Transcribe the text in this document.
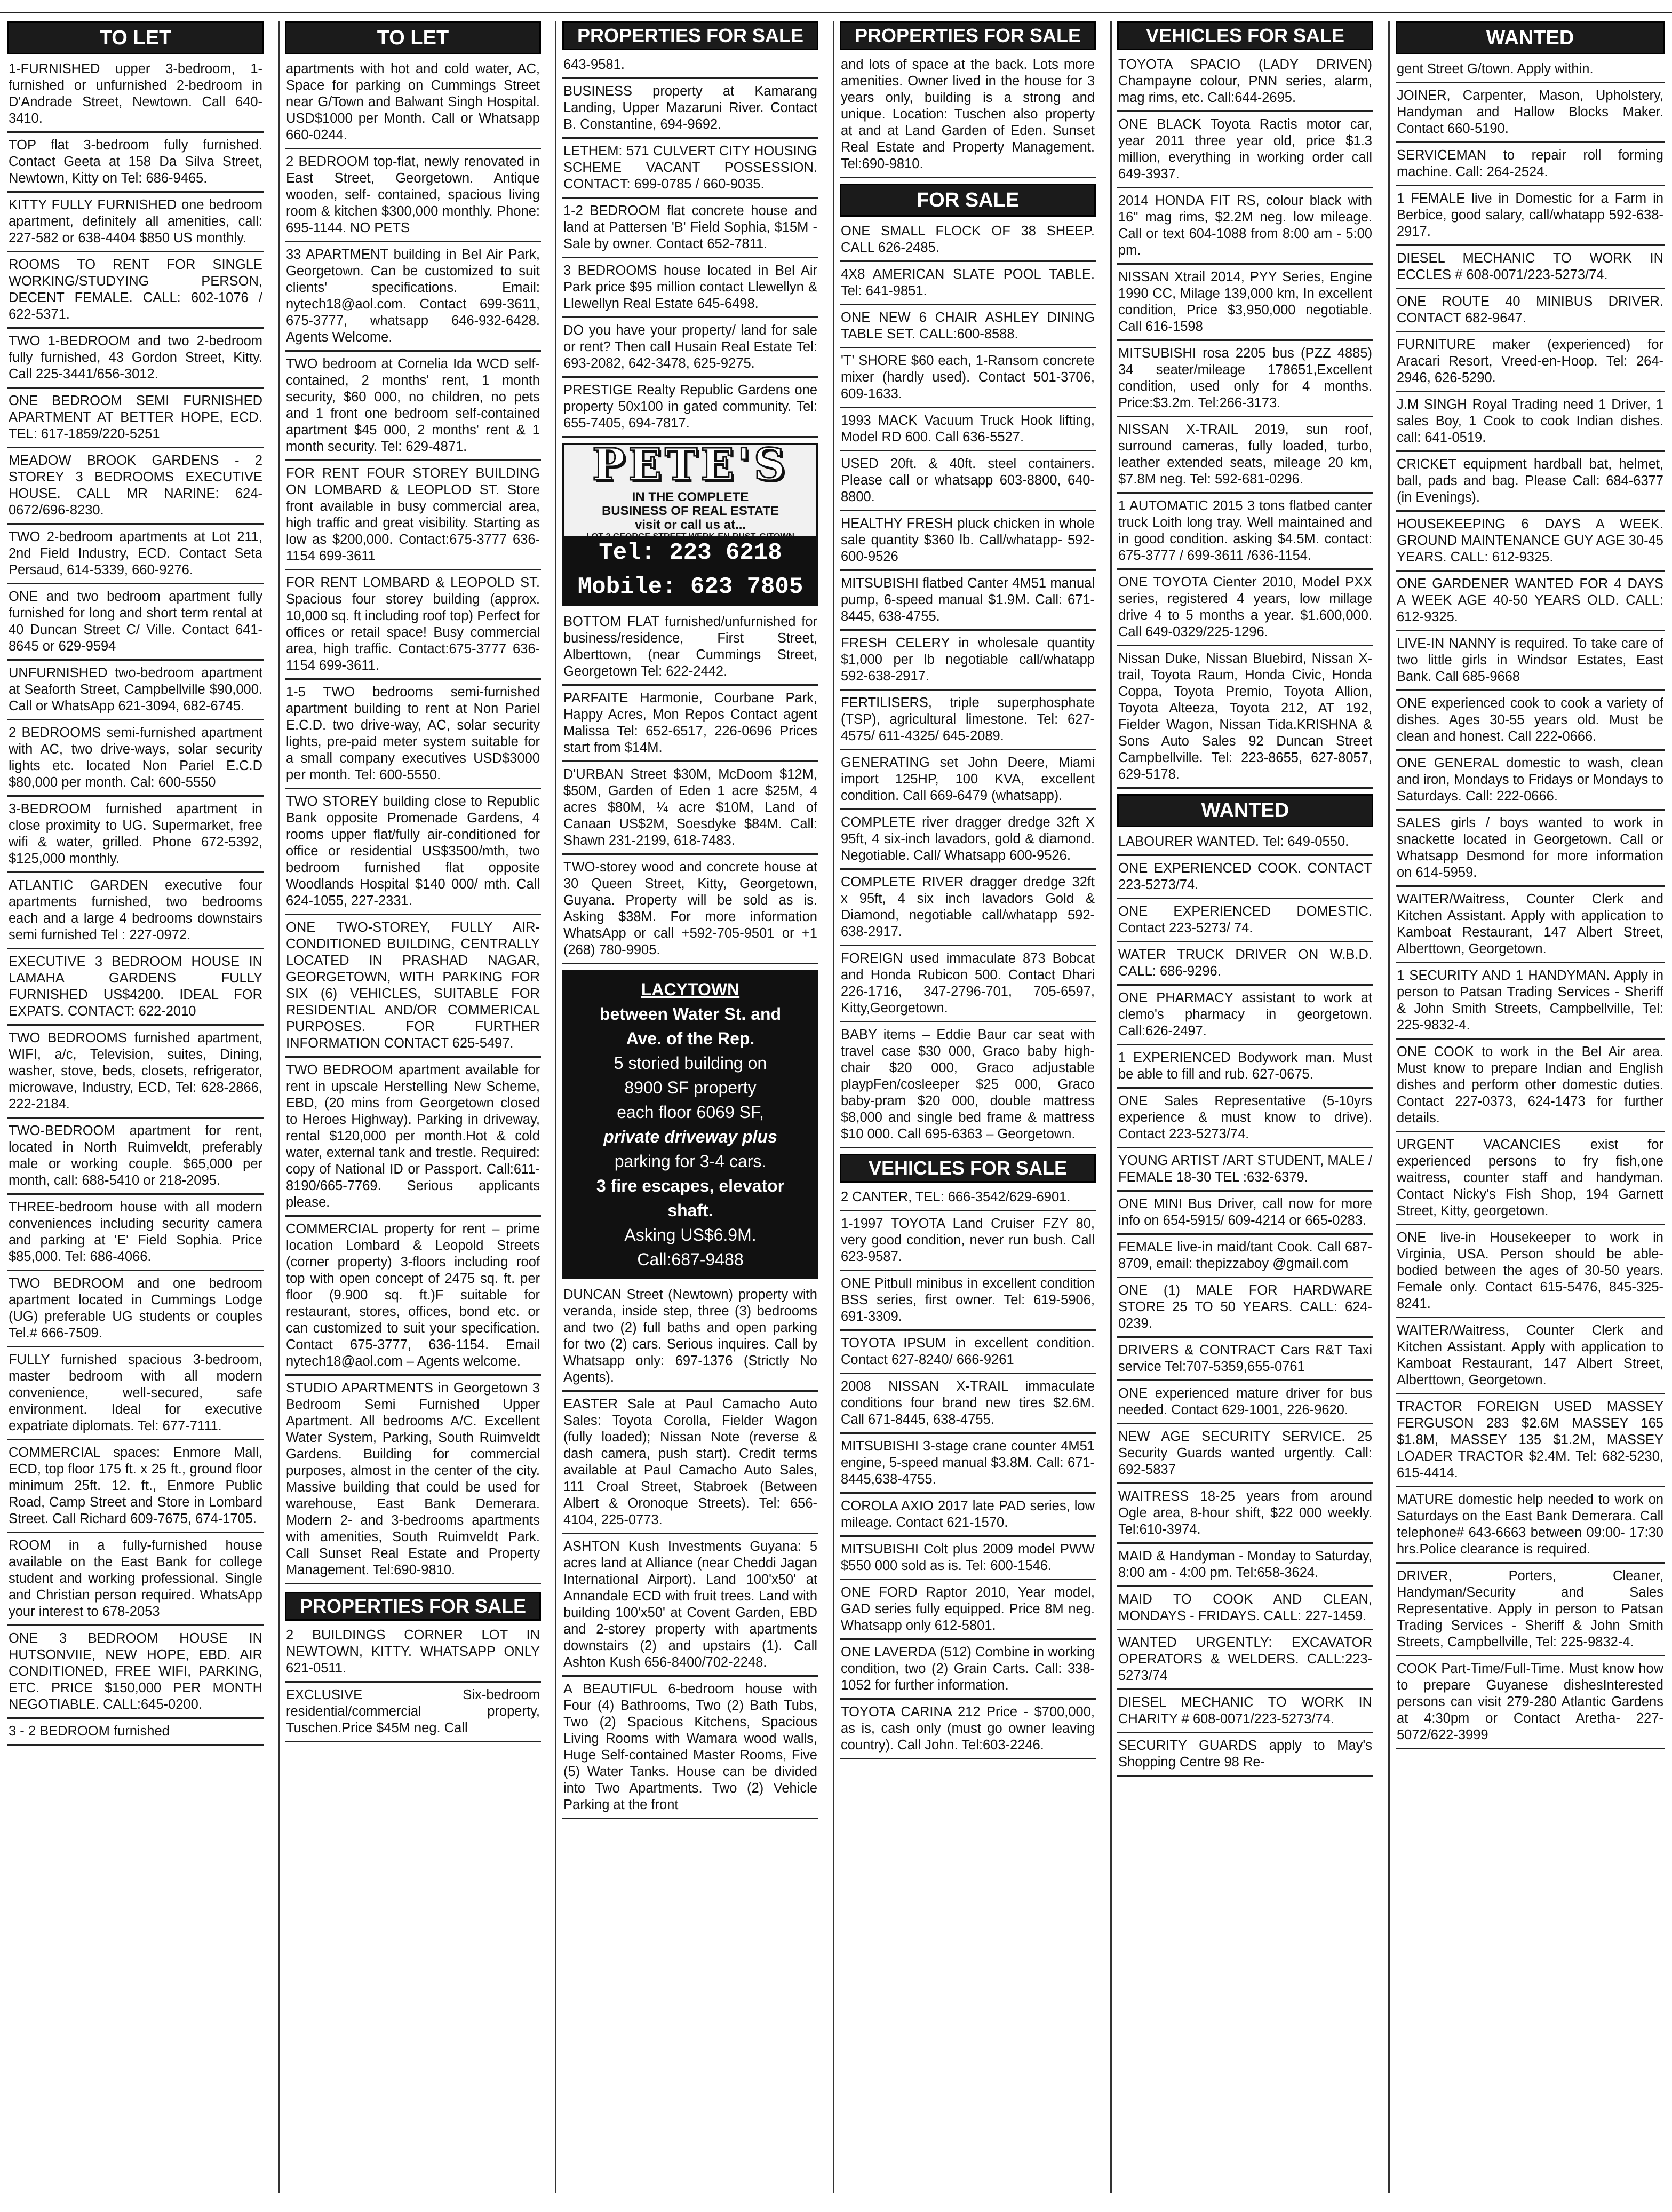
TO LET
1-FURNISHED upper 3-bedroom, 1-furnished or unfurnished 2-bedroom in D'Andrade Street, Newtown. Call 640-3410.
TOP flat 3-bedroom fully furnished. Contact Geeta at 158 Da Silva Street, Newtown, Kitty on Tel: 686-9465.
KITTY FULLY FURNISHED one bedroom apartment, definitely all amenities, call: 227-582 or 638-4404 $850 US monthly.
ROOMS TO RENT FOR SINGLE WORKING/STUDYING PERSON, DECENT FEMALE. CALL: 602-1076 / 622-5371.
TWO 1-BEDROOM and two 2-bedroom fully furnished, 43 Gordon Street, Kitty. Call 225-3441/656-3012.
ONE BEDROOM SEMI FURNISHED APARTMENT AT BETTER HOPE, ECD. TEL: 617-1859/220-5251
MEADOW BROOK GARDENS - 2 STOREY 3 BEDROOMS EXECUTIVE HOUSE. CALL MR NARINE: 624-0672/696-8230.
TWO 2-bedroom apartments at Lot 211, 2nd Field Industry, ECD. Contact Seta Persaud, 614-5339, 660-9276.
ONE and two bedroom apartment fully furnished for long and short term rental at 40 Duncan Street C/ Ville. Contact 641-8645 or 629-9594
UNFURNISHED two-bedroom apartment at Seaforth Street, Campbellville $90,000. Call or WhatsApp 621-3094, 682-6745.
2 BEDROOMS semi-furnished apartment with AC, two drive-ways, solar security lights etc. located Non Pariel E.C.D $80,000 per month. Cal: 600-5550
3-BEDROOM furnished apartment in close proximity to UG. Supermarket, free wifi & water, grilled. Phone 672-5392, $125,000 monthly.
ATLANTIC GARDEN executive four apartments furnished, two bedrooms each and a large 4 bedrooms downstairs semi furnished Tel : 227-0972.
EXECUTIVE 3 BEDROOM HOUSE IN LAMAHA GARDENS FULLY FURNISHED US$4200. IDEAL FOR EXPATS. CONTACT: 622-2010
TWO BEDROOMS furnished apartment, WIFI, a/c, Television, suites, Dining, washer, stove, beds, closets, refrigerator, microwave, Industry, ECD, Tel: 628-2866, 222-2184.
TWO-BEDROOM apartment for rent, located in North Ruimveldt, preferably male or working couple. $65,000 per month, call: 688-5410 or 218-2095.
THREE-bedroom house with all modern conveniences including security camera and parking at 'E' Field Sophia. Price $85,000. Tel: 686-4066.
TWO BEDROOM and one bedroom apartment located in Cummings Lodge (UG) preferable UG students or couples Tel.# 666-7509.
FULLY furnished spacious 3-bedroom, master bedroom with all modern convenience, well-secured, safe environment. Ideal for executive expatriate diplomats. Tel: 677-7111.
COMMERCIAL spaces: Enmore Mall, ECD, top floor 175 ft. x 25 ft., ground floor minimum 25ft. 12. ft., Enmore Public Road, Camp Street and Store in Lombard Street. Call Richard 609-7675, 674-1705.
ROOM in a fully-furnished house available on the East Bank for college student and working professional. Single and Christian person required. WhatsApp your interest to 678-2053
ONE 3 BEDROOM HOUSE IN HUTSONVIIE, NEW HOPE, EBD. AIR CONDITIONED, FREE WIFI, PARKING, ETC. PRICE $150,000 PER MONTH NEGOTIABLE. CALL:645-0200.
3 - 2 BEDROOM furnished
TO LET
apartments with hot and cold water, AC, Space for parking on Cummings Street near G/Town and Balwant Singh Hospital. USD$1000 per Month. Call or Whatsapp 660-0244.
2 BEDROOM top-flat, newly renovated in East Street, Georgetown. Antique wooden, self- contained, spacious living room & kitchen $300,000 monthly. Phone: 695-1144. NO PETS
33 APARTMENT building in Bel Air Park, Georgetown. Can be customized to suit clients' specifications. Email: nytech18@aol.com. Contact 699-3611, 675-3777, whatsapp 646-932-6428. Agents Welcome.
TWO bedroom at Cornelia Ida WCD self-contained, 2 months' rent, 1 month security, $60 000, no children, no pets and 1 front one bedroom self-contained apartment $45 000, 2 months' rent & 1 month security. Tel: 629-4871.
FOR RENT FOUR STOREY BUILDING ON LOMBARD & LEOPLOD ST. Store front available in busy commercial area, high traffic and great visibility. Starting as low as $200,000. Contact:675-3777 636-1154 699-3611
FOR RENT LOMBARD & LEOPOLD ST. Spacious four storey building (approx. 10,000 sq. ft including roof top) Perfect for offices or retail space! Busy commercial area, high traffic. Contact:675-3777 636-1154 699-3611.
1-5 TWO bedrooms semi-furnished apartment building to rent at Non Pariel E.C.D. two drive-way, AC, solar security lights, pre-paid meter system suitable for a small company executives USD$3000 per month. Tel: 600-5550.
TWO STOREY building close to Republic Bank opposite Promenade Gardens, 4 rooms upper flat/fully air-conditioned for office or residential US$3500/mth, two bedroom furnished flat opposite Woodlands Hospital $140 000/ mth. Call 624-1055, 227-2331.
ONE TWO-STOREY, FULLY AIR-CONDITIONED BUILDING, CENTRALLY LOCATED IN PRASHAD NAGAR, GEORGETOWN, WITH PARKING FOR SIX (6) VEHICLES, SUITABLE FOR RESIDENTIAL AND/OR COMMERICAL PURPOSES. FOR FURTHER INFORMATION CONTACT 625-5497.
TWO BEDROOM apartment available for rent in upscale Herstelling New Scheme, EBD, (20 mins from Georgetown closed to Heroes Highway). Parking in driveway, rental $120,000 per month.Hot & cold water, external tank and trestle. Required: copy of National ID or Passport. Call:611-8190/665-7769. Serious applicants please.
COMMERCIAL property for rent – prime location Lombard & Leopold Streets (corner property) 3-floors including roof top with open concept of 2475 sq. ft. per floor (9.900 sq. ft.)F suitable for restaurant, stores, offices, bond etc. or can customized to suit your specification. Contact 675-3777, 636-1154. Email nytech18@aol.com – Agents welcome.
STUDIO APARTMENTS in Georgetown 3 Bedroom Semi Furnished Upper Apartment. All bedrooms A/C. Excellent Water System, Parking, South Ruimveldt Gardens. Building for commercial purposes, almost in the center of the city. Massive building that could be used for warehouse, East Bank Demerara. Modern 2- and 3-bedrooms apartments with amenities, South Ruimveldt Park. Call Sunset Real Estate and Property Management. Tel:690-9810.
PROPERTIES FOR SALE
2 BUILDINGS CORNER LOT IN NEWTOWN, KITTY. WHATSAPP ONLY 621-0511.
EXCLUSIVE Six-bedroom residential/commercial property, Tuschen.Price $45M neg. Call
PROPERTIES FOR SALE
643-9581.
BUSINESS property at Kamarang Landing, Upper Mazaruni River. Contact B. Constantine, 694-9692.
LETHEM: 571 CULVERT CITY HOUSING SCHEME VACANT POSSESSION. CONTACT: 699-0785 / 660-9035.
1-2 BEDROOM flat concrete house and land at Pattersen 'B' Field Sophia, $15M - Sale by owner. Contact 652-7811.
3 BEDROOMS house located in Bel Air Park price $95 million contact Llewellyn & Llewellyn Real Estate 645-6498.
DO you have your property/ land for sale or rent? Then call Husain Real Estate Tel: 693-2082, 642-3478, 625-9275.
PRESTIGE Realty Republic Gardens one property 50x100 in gated community. Tel: 655-7405, 694-7817.
PETE'S
IN THE COMPLETE
BUSINESS OF REAL ESTATE
visit or call us at...
LOT 2 GEORGE STREET WERK-EN-RUST, G/TOWN
Tel: 223 6218
Mobile: 623 7805
BOTTOM FLAT furnished/unfurnished for business/residence, First Street, Alberttown, (near Cummings Street, Georgetown Tel: 622-2442.
PARFAITE Harmonie, Courbane Park, Happy Acres, Mon Repos Contact agent Malissa Tel: 652-6517, 226-0696 Prices start from $14M.
D'URBAN Street $30M, McDoom $12M, $50M, Garden of Eden 1 acre $25M, 4 acres $80M, ¼ acre $10M, Land of Canaan US$2M, Soesdyke $84M. Call: Shawn 231-2199, 618-7483.
TWO-storey wood and concrete house at 30 Queen Street, Kitty, Georgetown, Guyana. Property will be sold as is. Asking $38M. For more information WhatsApp or call +592-705-9501 or +1 (268) 780-9905.
LACYTOWN
between Water St. and
Ave. of the Rep.
5 storied building on
8900 SF property
each floor 6069 SF,
private driveway plus
parking for 3-4 cars.
3 fire escapes, elevator
shaft.
Asking US$6.9M.
Call:687-9488
DUNCAN Street (Newtown) property with veranda, inside step, three (3) bedrooms and two (2) full baths and open parking for two (2) cars. Serious inquires. Call by Whatsapp only: 697-1376 (Strictly No Agents).
EASTER Sale at Paul Camacho Auto Sales: Toyota Corolla, Fielder Wagon (fully loaded); Nissan Note (reverse & dash camera, push start). Credit terms available at Paul Camacho Auto Sales, 111 Croal Street, Stabroek (Between Albert & Oronoque Streets). Tel: 656-4104, 225-0773.
ASHTON Kush Investments Guyana: 5 acres land at Alliance (near Cheddi Jagan International Airport). Land 100'x50' at Annandale ECD with fruit trees. Land with building 100'x50' at Covent Garden, EBD and 2-storey property with apartments downstairs (2) and upstairs (1). Call Ashton Kush 656-8400/702-2248.
A BEAUTIFUL 6-bedroom house with Four (4) Bathrooms, Two (2) Bath Tubs, Two (2) Spacious Kitchens, Spacious Living Rooms with Wamara wood walls, Huge Self-contained Master Rooms, Five (5) Water Tanks. House can be divided into Two Apartments. Two (2) Vehicle Parking at the front
PROPERTIES FOR SALE
and lots of space at the back. Lots more amenities. Owner lived in the house for 3 years only, building is a strong and unique. Location: Tuschen also property at and at Land Garden of Eden. Sunset Real Estate and Property Management. Tel:690-9810.
FOR SALE
ONE SMALL FLOCK OF 38 SHEEP. CALL 626-2485.
4X8 AMERICAN SLATE POOL TABLE. Tel: 641-9851.
ONE NEW 6 CHAIR ASHLEY DINING TABLE SET. CALL:600-8588.
'T' SHORE $60 each, 1-Ransom concrete mixer (hardly used). Contact 501-3706, 609-1633.
1993 MACK Vacuum Truck Hook lifting, Model RD 600. Call 636-5527.
USED 20ft. & 40ft. steel containers. Please call or whatsapp 603-8800, 640-8800.
HEALTHY FRESH pluck chicken in whole sale quantity $360 lb. Call/whatapp- 592-600-9526
MITSUBISHI flatbed Canter 4M51 manual pump, 6-speed manual $1.9M. Call: 671-8445, 638-4755.
FRESH CELERY in wholesale quantity $1,000 per lb negotiable call/whatapp 592-638-2917.
FERTILISERS, triple superphosphate (TSP), agricultural limestone. Tel: 627-4575/ 611-4325/ 645-2089.
GENERATING set John Deere, Miami import 125HP, 100 KVA, excellent condition. Call 669-6479 (whatsapp).
COMPLETE river dragger dredge 32ft X 95ft, 4 six-inch lavadors, gold & diamond. Negotiable. Call/ Whatsapp 600-9526.
COMPLETE RIVER dragger dredge 32ft x 95ft, 4 six inch lavadors Gold & Diamond, negotiable call/whatapp 592-638-2917.
FOREIGN used immaculate 873 Bobcat and Honda Rubicon 500. Contact Dhari 226-1716, 347-2796-701, 705-6597, Kitty,Georgetown.
BABY items – Eddie Baur car seat with travel case $30 000, Graco baby high-chair $20 000, Graco adjustable playpFen/cosleeper $25 000, Graco baby-pram $20 000, double mattress $8,000 and single bed frame & mattress $10 000. Call 695-6363 – Georgetown.
VEHICLES FOR SALE
2 CANTER, TEL: 666-3542/629-6901.
1-1997 TOYOTA Land Cruiser FZY 80, very good condition, never run bush. Call 623-9587.
ONE Pitbull minibus in excellent condition BSS series, first owner. Tel: 619-5906, 691-3309.
TOYOTA IPSUM in excellent condition. Contact 627-8240/ 666-9261
2008 NISSAN X-TRAIL immaculate conditions four brand new tires $2.6M. Call 671-8445, 638-4755.
MITSUBISHI 3-stage crane counter 4M51 engine, 5-speed manual $3.8M. Call: 671-8445,638-4755.
COROLA AXIO 2017 late PAD series, low mileage. Contact 621-1570.
MITSUBISHI Colt plus 2009 model PWW $550 000 sold as is. Tel: 600-1546.
ONE FORD Raptor 2010, Year model, GAD series fully equipped. Price 8M neg. Whatsapp only 612-5801.
ONE LAVERDA (512) Combine in working condition, two (2) Grain Carts. Call: 338-1052 for further information.
TOYOTA CARINA 212 Price - $700,000, as is, cash only (must go owner leaving country). Call John. Tel:603-2246.
VEHICLES FOR SALE
TOYOTA SPACIO (LADY DRIVEN) Champayne colour, PNN series, alarm, mag rims, etc. Call:644-2695.
ONE BLACK Toyota Ractis motor car, year 2011 three year old, price $1.3 million, everything in working order call 649-3937.
2014 HONDA FIT RS, colour black with 16" mag rims, $2.2M neg. low mileage. Call or text 604-1088 from 8:00 am - 5:00 pm.
NISSAN Xtrail 2014, PYY Series, Engine 1990 CC, Milage 139,000 km, In excellent condition, Price $3,950,000 negotiable. Call 616-1598
MITSUBISHI rosa 2205 bus (PZZ 4885) 34 seater/mileage 178651,Excellent condition, used only for 4 months. Price:$3.2m. Tel:266-3173.
NISSAN X-TRAIL 2019, sun roof, surround cameras, fully loaded, turbo, leather extended seats, mileage 20 km, $7.8M neg. Tel: 592-681-0296.
1 AUTOMATIC 2015 3 tons flatbed canter truck Loith long tray. Well maintained and in good condition. asking $4.5M. contact: 675-3777 / 699-3611 /636-1154.
ONE TOYOTA Cienter 2010, Model PXX series, registered 4 years, low millage drive 4 to 5 months a year. $1.600,000. Call 649-0329/225-1296.
Nissan Duke, Nissan Bluebird, Nissan X-trail, Toyota Raum, Honda Civic, Honda Coppa, Toyota Premio, Toyota Allion, Toyota Alteeza, Toyota 212, AT 192, Fielder Wagon, Nissan Tida.KRISHNA & Sons Auto Sales 92 Duncan Street Campbellville. Tel: 223-8655, 627-8057, 629-5178.
WANTED
LABOURER WANTED. Tel: 649-0550.
ONE EXPERIENCED COOK. CONTACT 223-5273/74.
ONE EXPERIENCED DOMESTIC. Contact 223-5273/ 74.
WATER TRUCK DRIVER ON W.B.D. CALL: 686-9296.
ONE PHARMACY assistant to work at clemo's pharmacy in georgetown. Call:626-2497.
1 EXPERIENCED Bodywork man. Must be able to fill and rub. 627-0675.
ONE Sales Representative (5-10yrs experience & must know to drive). Contact 223-5273/74.
YOUNG ARTIST /ART STUDENT, MALE / FEMALE 18-30 TEL :632-6379.
ONE MINI Bus Driver, call now for more info on 654-5915/ 609-4214 or 665-0283.
FEMALE live-in maid/tant Cook. Call 687-8709, email: thepizzaboy @gmail.com
ONE (1) MALE FOR HARDWARE STORE 25 TO 50 YEARS. CALL: 624-0239.
DRIVERS & CONTRACT Cars R&T Taxi service Tel:707-5359,655-0761
ONE experienced mature driver for bus needed. Contact 629-1001, 226-9620.
NEW AGE SECURITY SERVICE. 25 Security Guards wanted urgently. Call: 692-5837
WAITRESS 18-25 years from around Ogle area, 8-hour shift, $22 000 weekly. Tel:610-3974.
MAID & Handyman - Monday to Saturday, 8:00 am - 4:00 pm. Tel:658-3624.
MAID TO COOK AND CLEAN, MONDAYS - FRIDAYS. CALL: 227-1459.
WANTED URGENTLY: EXCAVATOR OPERATORS & WELDERS. CALL:223-5273/74
DIESEL MECHANIC TO WORK IN CHARITY # 608-0071/223-5273/74.
SECURITY GUARDS apply to May's Shopping Centre 98 Re-
WANTED
gent Street G/town. Apply within.
JOINER, Carpenter, Mason, Upholstery, Handyman and Hallow Blocks Maker. Contact 660-5190.
SERVICEMAN to repair roll forming machine. Call: 264-2524.
1 FEMALE live in Domestic for a Farm in Berbice, good salary, call/whatapp 592-638-2917.
DIESEL MECHANIC TO WORK IN ECCLES # 608-0071/223-5273/74.
ONE ROUTE 40 MINIBUS DRIVER. CONTACT 682-9647.
FURNITURE maker (experienced) for Aracari Resort, Vreed-en-Hoop. Tel: 264-2946, 626-5290.
J.M SINGH Royal Trading need 1 Driver, 1 sales Boy, 1 Cook to cook Indian dishes. call: 641-0519.
CRICKET equipment hardball bat, helmet, ball, pads and bag. Please Call: 684-6377 (in Evenings).
HOUSEKEEPING 6 DAYS A WEEK. GROUND MAINTENANCE GUY AGE 30-45 YEARS. CALL: 612-9325.
ONE GARDENER WANTED FOR 4 DAYS A WEEK AGE 40-50 YEARS OLD. CALL: 612-9325.
LIVE-IN NANNY is required. To take care of two little girls in Windsor Estates, East Bank. Call 685-9668
ONE experienced cook to cook a variety of dishes. Ages 30-55 years old. Must be clean and honest. Call 222-0666.
ONE GENERAL domestic to wash, clean and iron, Mondays to Fridays or Mondays to Saturdays. Call: 222-0666.
SALES girls / boys wanted to work in snackette located in Georgetown. Call or Whatsapp Desmond for more information on 614-5959.
WAITER/Waitress, Counter Clerk and Kitchen Assistant. Apply with application to Kamboat Restaurant, 147 Albert Street, Alberttown, Georgetown.
1 SECURITY AND 1 HANDYMAN. Apply in person to Patsan Trading Services - Sheriff & John Smith Streets, Campbellville, Tel: 225-9832-4.
ONE COOK to work in the Bel Air area. Must know to prepare Indian and English dishes and perform other domestic duties. Contact 227-0373, 624-1473 for further details.
URGENT VACANCIES exist for experienced persons to fry fish,one waitress, counter staff and handyman. Contact Nicky's Fish Shop, 194 Garnett Street, Kitty, georgetown.
ONE live-in Housekeeper to work in Virginia, USA. Person should be able-bodied between the ages of 30-50 years. Female only. Contact 615-5476, 845-325-8241.
WAITER/Waitress, Counter Clerk and Kitchen Assistant. Apply with application to Kamboat Restaurant, 147 Albert Street, Alberttown, Georgetown.
TRACTOR FOREIGN USED MASSEY FERGUSON 283 $2.6M MASSEY 165 $1.8M, MASSEY 135 $1.2M, MASSEY LOADER TRACTOR $2.4M. Tel: 682-5230, 615-4414.
MATURE domestic help needed to work on Saturdays on the East Bank Demerara. Call telephone# 643-6663 between 09:00- 17:30 hrs.Police clearance is required.
DRIVER, Porters, Cleaner, Handyman/Security and Sales Representative. Apply in person to Patsan Trading Services - Sheriff & John Smith Streets, Campbellville, Tel: 225-9832-4.
COOK Part-Time/Full-Time. Must know how to prepare Guyanese dishesInterested persons can visit 279-280 Atlantic Gardens at 4:30pm or Contact Aretha- 227-5072/622-3999
